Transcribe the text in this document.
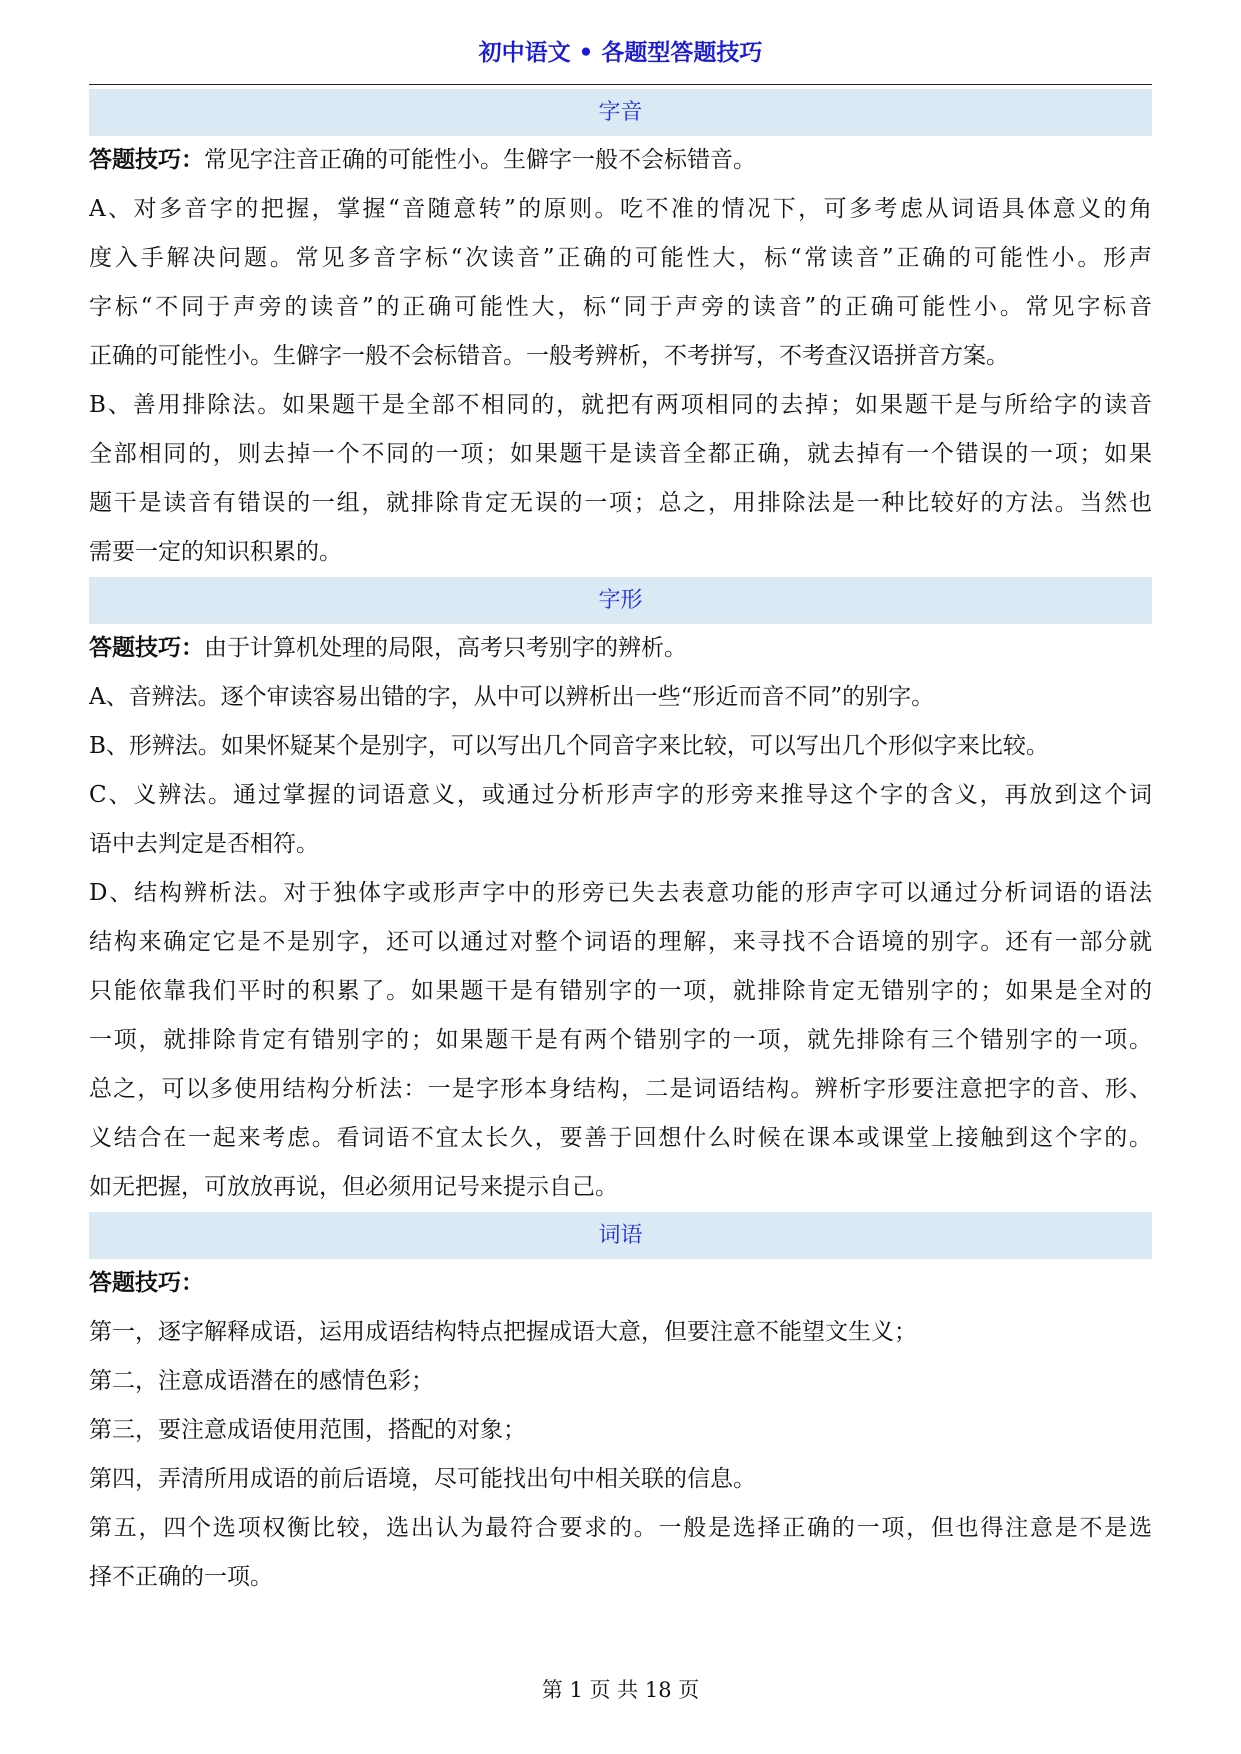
初中语文 • 各题型答题技巧
字音
答题技巧：常见字注音正确的可能性小。生僻字一般不会标错音。
A、对多音字的把握，掌握“音随意转”的原则。吃不准的情况下，可多考虑从词语具体意义的角
度入手解决问题。常见多音字标“次读音”正确的可能性大，标“常读音”正确的可能性小。形声
字标“不同于声旁的读音”的正确可能性大，标“同于声旁的读音”的正确可能性小。常见字标音
正确的可能性小。生僻字一般不会标错音。一般考辨析，不考拼写，不考查汉语拼音方案。
B、善用排除法。如果题干是全部不相同的，就把有两项相同的去掉；如果题干是与所给字的读音
全部相同的，则去掉一个不同的一项；如果题干是读音全都正确，就去掉有一个错误的一项；如果
题干是读音有错误的一组，就排除肯定无误的一项；总之，用排除法是一种比较好的方法。当然也
需要一定的知识积累的。
字形
答题技巧：由于计算机处理的局限，高考只考别字的辨析。
A、音辨法。逐个审读容易出错的字，从中可以辨析出一些“形近而音不同”的别字。
B、形辨法。如果怀疑某个是别字，可以写出几个同音字来比较，可以写出几个形似字来比较。
C、义辨法。通过掌握的词语意义，或通过分析形声字的形旁来推导这个字的含义，再放到这个词
语中去判定是否相符。
D、结构辨析法。对于独体字或形声字中的形旁已失去表意功能的形声字可以通过分析词语的语法
结构来确定它是不是别字，还可以通过对整个词语的理解，来寻找不合语境的别字。还有一部分就
只能依靠我们平时的积累了。如果题干是有错别字的一项，就排除肯定无错别字的；如果是全对的
一项，就排除肯定有错别字的；如果题干是有两个错别字的一项，就先排除有三个错别字的一项。
总之，可以多使用结构分析法：一是字形本身结构，二是词语结构。辨析字形要注意把字的音、形、
义结合在一起来考虑。看词语不宜太长久，要善于回想什么时候在课本或课堂上接触到这个字的。
如无把握，可放放再说，但必须用记号来提示自己。
词语
答题技巧：
第一，逐字解释成语，运用成语结构特点把握成语大意，但要注意不能望文生义；
第二，注意成语潜在的感情色彩；
第三，要注意成语使用范围，搭配的对象；
第四，弄清所用成语的前后语境，尽可能找出句中相关联的信息。
第五，四个选项权衡比较，选出认为最符合要求的。一般是选择正确的一项，但也得注意是不是选
择不正确的一项。
第 1 页 共 18 页
